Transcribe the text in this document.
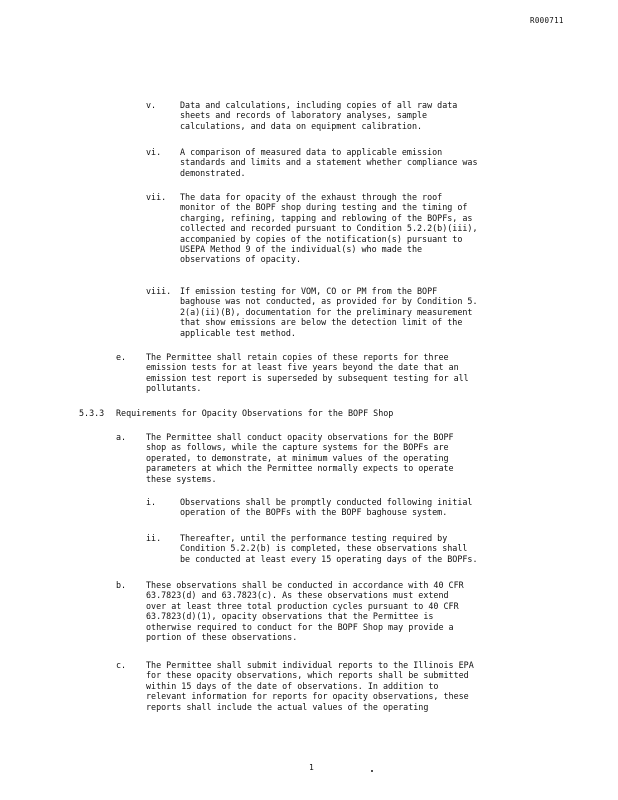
R000711
v.	Data and calculations, including copies of all raw data
sheets and records of laboratory analyses, sample
calculations, and data on equipment calibration.
vi. A comparison of measured data to applicable emission
standards and limits and a statement whether compliance was
demonstrated.
vii. The data for opacity of the exhaust through the roof
monitor of the BOPF shop during testing and the timing of
charging, refining, tapping and reblowing of the BOPFs, as
collected and recorded pursuant to Condition 5.2.2(b)(iii),
accompanied by copies of the notification(s) pursuant to
USEPA Method 9 of the individual(s) who made the
observations of opacity.
viii. If emission testing for VOM, CO or PM from the BOPF
baghouse was not conducted, as provided for by Condition 5.
2(a)(ii)(B), documentation for the preliminary measurement
that show emissions are below the detection limit of the
applicable test method.
e. The Permittee shall retain copies of these reports for three
emission tests for at least five years beyond the date that an
emission test report is superseded by subsequent testing for all
pollutants.
5.3.3 Requirements for Opacity Observations for the BOPF Shop
a. The Permittee shall conduct opacity observations for the BOPF
shop as follows, while the capture systems for the BOPFs are
operated, to demonstrate, at minimum values of the operating
parameters at which the Permittee normally expects to operate
these systems.
i.	Observations shall be promptly conducted following initial
operation of the BOPFs with the BOPF baghouse system.
ii. Thereafter, until the performance testing required by
Condition 5.2.2(b) is completed, these observations shall
be conducted at least every 15 operating days of the BOPFs.
b. These observations shall be conducted in accordance with 40 CFR
63.7823(d) and 63.7823(c). As these observations must extend
over at least three total production cycles pursuant to 40 CFR
63.7823(d)(1), opacity observations that the Permittee is
otherwise required to conduct for the BOPF Shop may provide a
portion of these observations.
c. The Permittee shall submit individual reports to the Illinois EPA
for these opacity observations, which reports shall be submitted
within 15 days of the date of observations. In addition to
relevant information for reports for opacity observations, these
reports shall include the actual values of the operating
1
